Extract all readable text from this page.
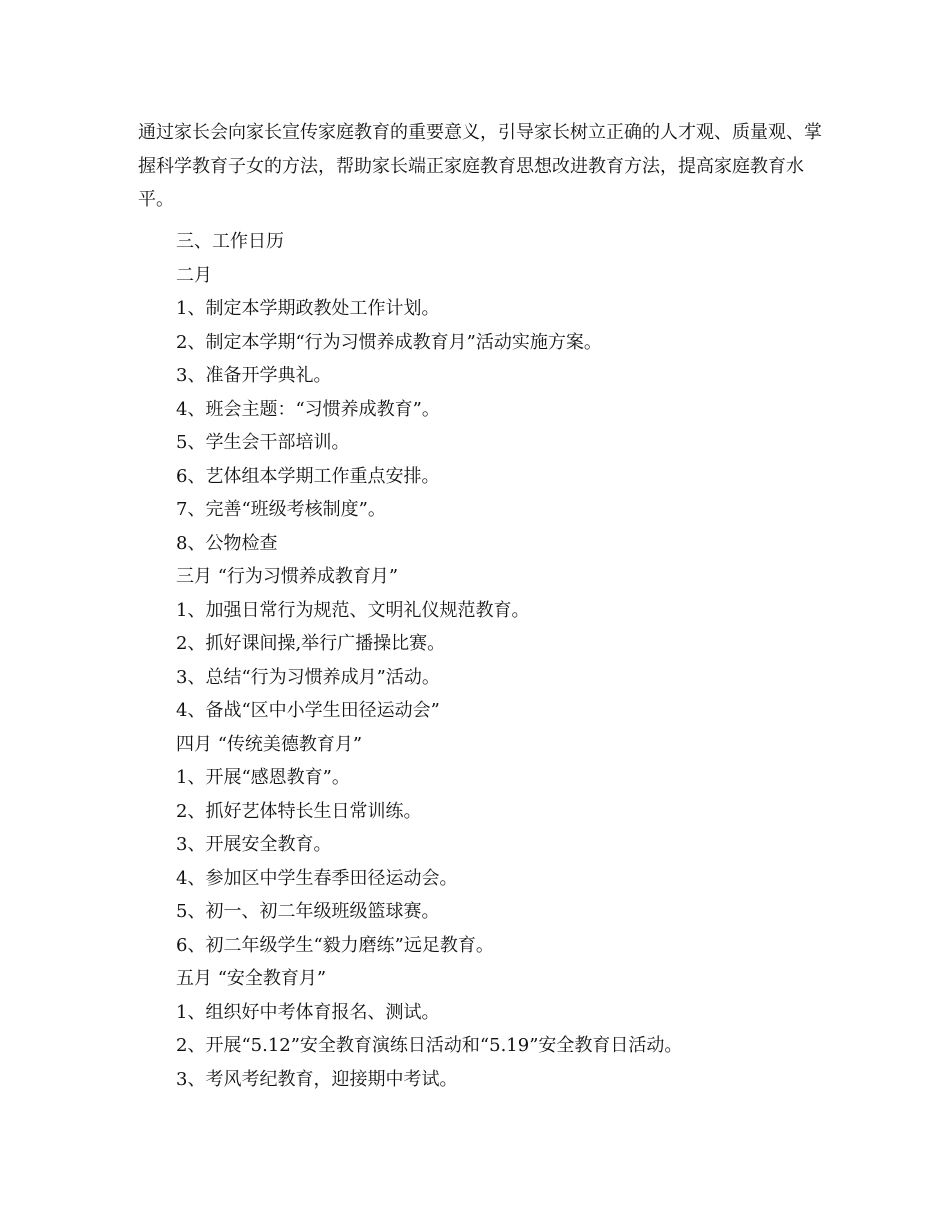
通过家长会向家长宣传家庭教育的重要意义，引导家长树立正确的人才观、质量观、掌握科学教育子女的方法，帮助家长端正家庭教育思想改进教育方法，提高家庭教育水平。

三、工作日历
二月
1、制定本学期政教处工作计划。
2、制定本学期“行为习惯养成教育月”活动实施方案。
3、准备开学典礼。
4、班会主题：“习惯养成教育”。
5、学生会干部培训。
6、艺体组本学期工作重点安排。
7、完善“班级考核制度”。
8、公物检查
三月 “行为习惯养成教育月”
1、加强日常行为规范、文明礼仪规范教育。
2、抓好课间操,举行广播操比赛。
3、总结“行为习惯养成月”活动。
4、备战“区中小学生田径运动会”
四月 “传统美德教育月”
1、开展“感恩教育”。
2、抓好艺体特长生日常训练。
3、开展安全教育。
4、参加区中学生春季田径运动会。
5、初一、初二年级班级篮球赛。
6、初二年级学生“毅力磨练”远足教育。
五月 “安全教育月”
1、组织好中考体育报名、测试。
2、开展“5.12”安全教育演练日活动和“5.19”安全教育日活动。
3、考风考纪教育，迎接期中考试。
